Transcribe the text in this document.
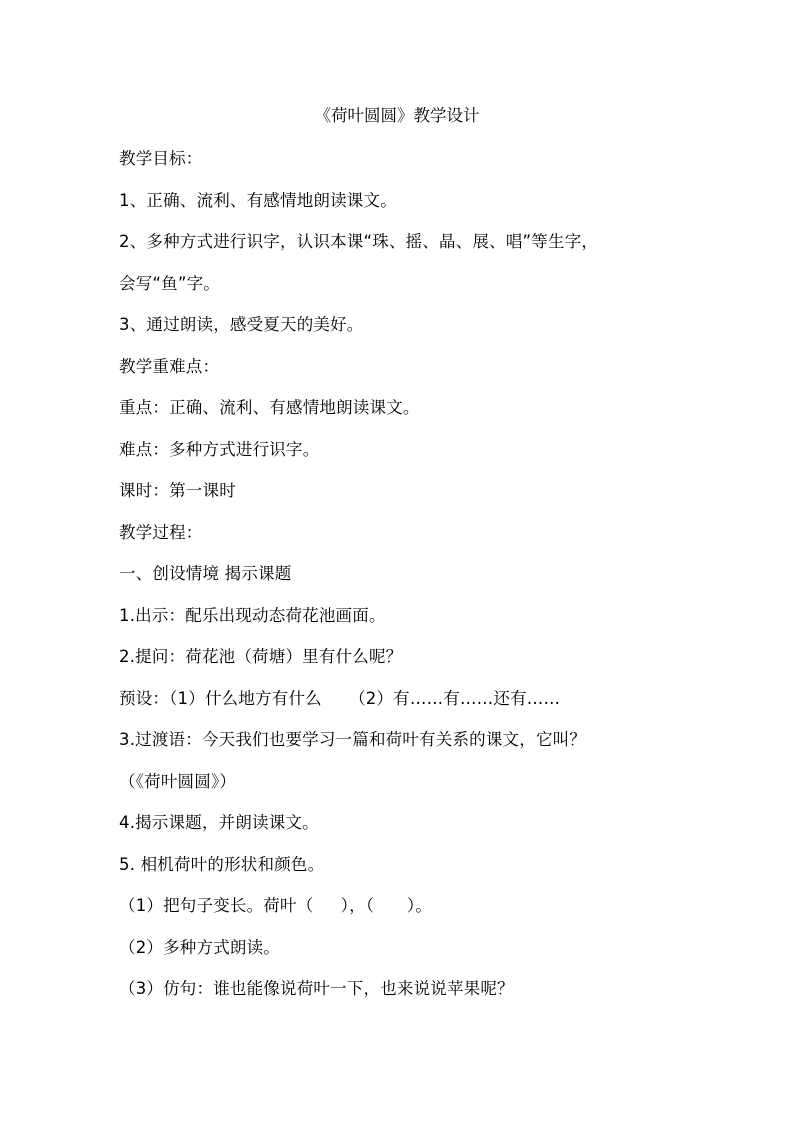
《荷叶圆圆》教学设计
教学目标：
1、正确、流利、有感情地朗读课文。
2、多种方式进行识字，认识本课“珠、摇、晶、展、唱”等生字，
会写“鱼”字。
3、通过朗读，感受夏天的美好。
教学重难点：
重点：正确、流利、有感情地朗读课文。
难点：多种方式进行识字。
课时：第一课时
教学过程：
一、创设情境 揭示课题
1.出示：配乐出现动态荷花池画面。
2.提问：荷花池（荷塘）里有什么呢？
预设：（1）什么地方有什么     （2）有……有……还有……
3.过渡语：今天我们也要学习一篇和荷叶有关系的课文，它叫？
（《荷叶圆圆》）
4.揭示课题，并朗读课文。
5. 相机荷叶的形状和颜色。
（1）把句子变长。荷叶（     ），（      ）。
（2）多种方式朗读。
（3）仿句：谁也能像说荷叶一下，也来说说苹果呢？
